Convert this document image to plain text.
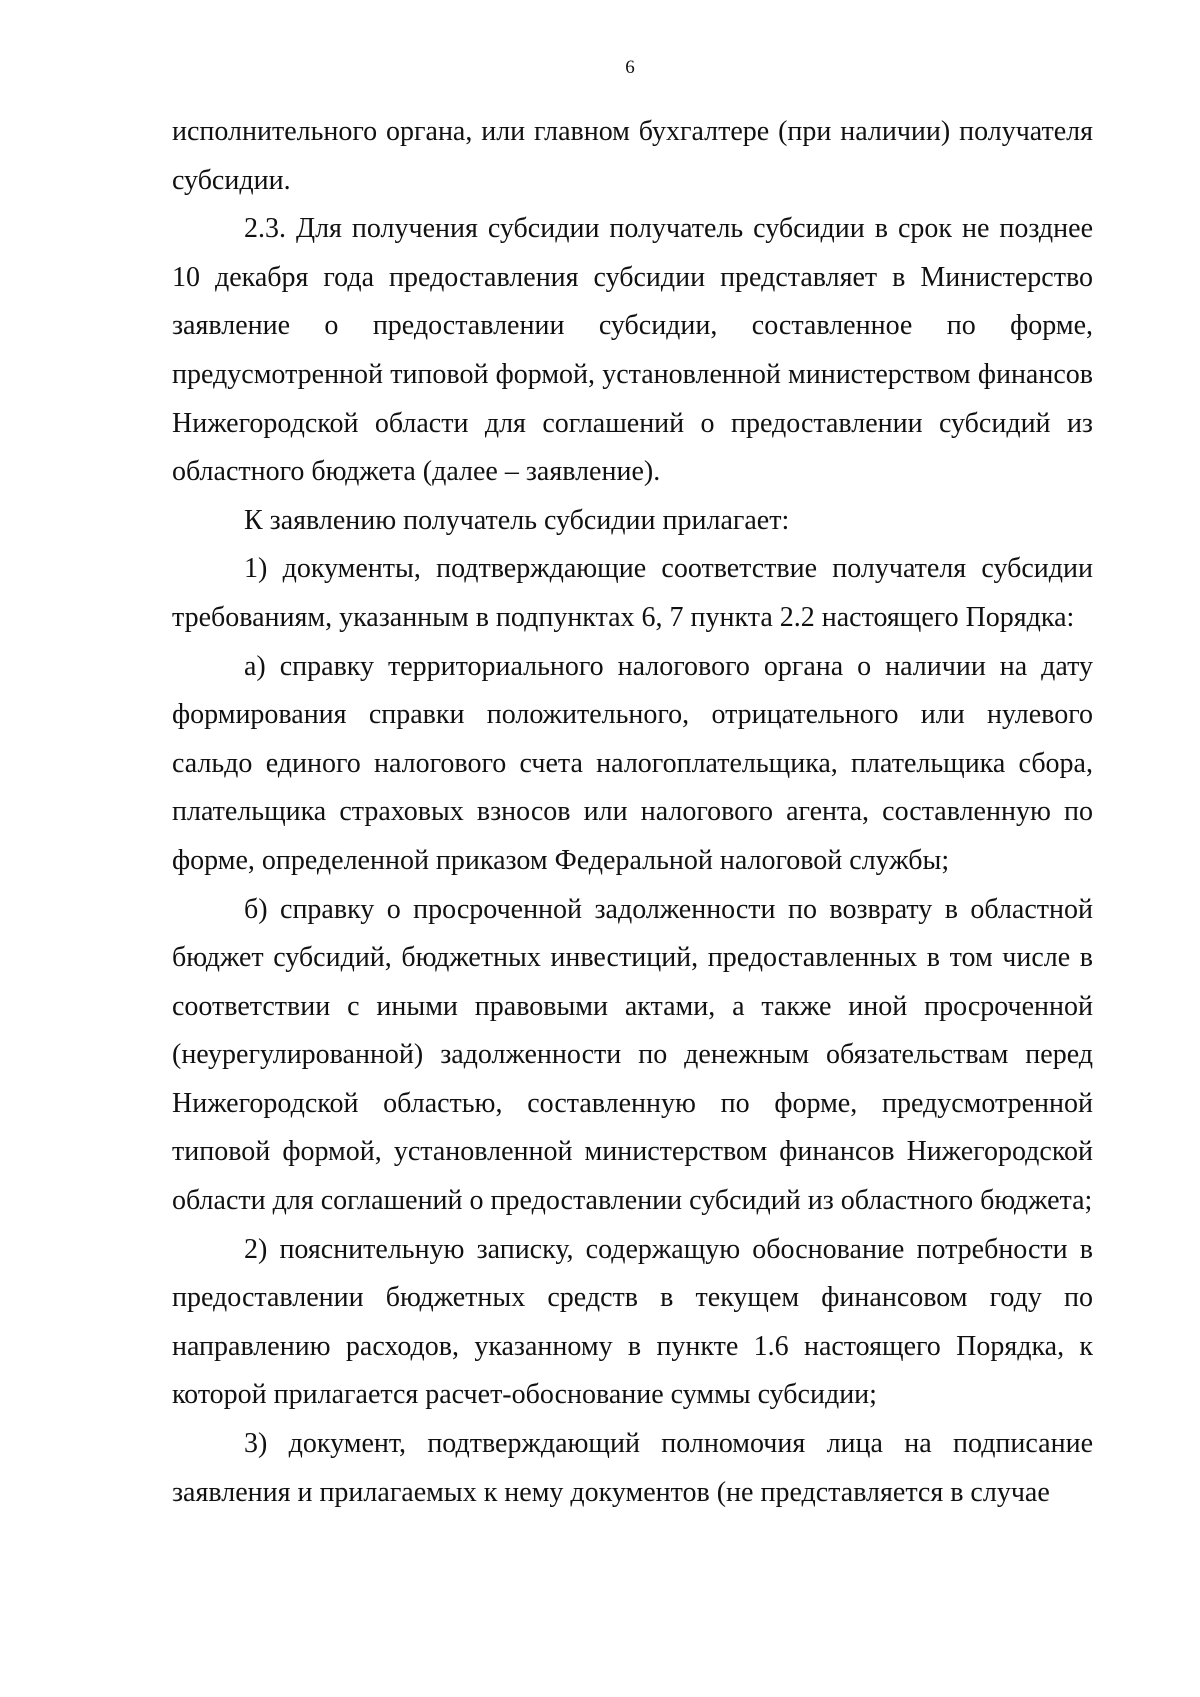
6

исполнительного органа, или главном бухгалтере (при наличии) получателя субсидии.

2.3. Для получения субсидии получатель субсидии в срок не позднее 10 декабря года предоставления субсидии представляет в Министерство заявление о предоставлении субсидии, составленное по форме, предусмотренной типовой формой, установленной министерством финансов Нижегородской области для соглашений о предоставлении субсидий из областного бюджета (далее – заявление).

К заявлению получатель субсидии прилагает:

1) документы, подтверждающие соответствие получателя субсидии требованиям, указанным в подпунктах 6, 7 пункта 2.2 настоящего Порядка:

а) справку территориального налогового органа о наличии на дату формирования справки положительного, отрицательного или нулевого сальдо единого налогового счета налогоплательщика, плательщика сбора, плательщика страховых взносов или налогового агента, составленную по форме, определенной приказом Федеральной налоговой службы;

б) справку о просроченной задолженности по возврату в областной бюджет субсидий, бюджетных инвестиций, предоставленных в том числе в соответствии с иными правовыми актами, а также иной просроченной (неурегулированной) задолженности по денежным обязательствам перед Нижегородской областью, составленную по форме, предусмотренной типовой формой, установленной министерством финансов Нижегородской области для соглашений о предоставлении субсидий из областного бюджета;

2) пояснительную записку, содержащую обоснование потребности в предоставлении бюджетных средств в текущем финансовом году по направлению расходов, указанному в пункте 1.6 настоящего Порядка, к которой прилагается расчет-обоснование суммы субсидии;

3) документ, подтверждающий полномочия лица на подписание заявления и прилагаемых к нему документов (не представляется в случае
